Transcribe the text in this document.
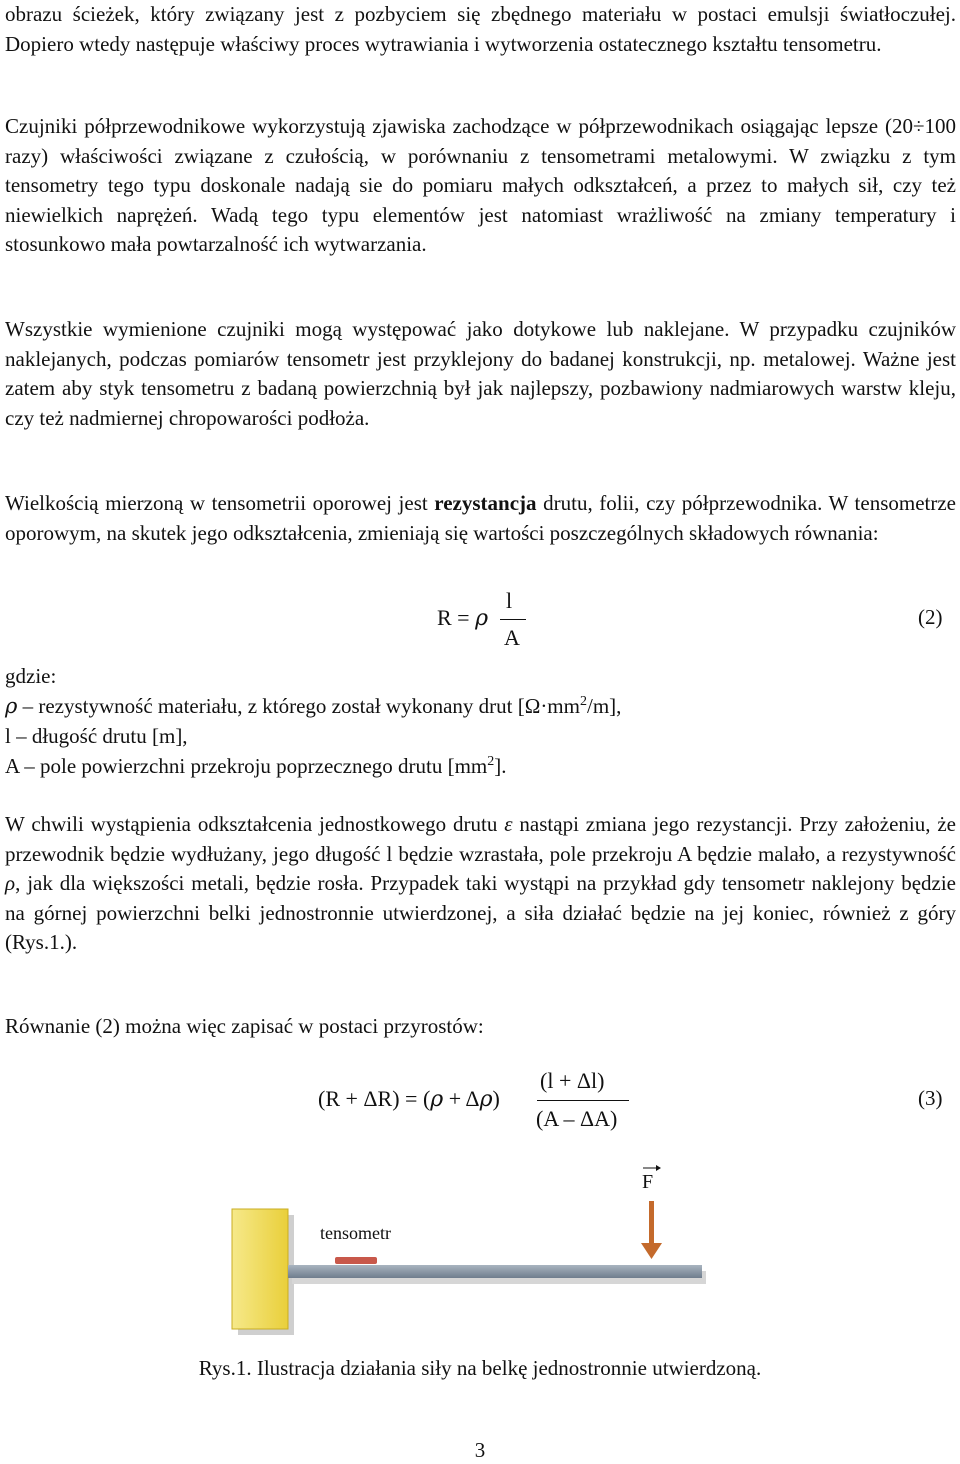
obrazu ścieżek, który związany jest z pozbyciem się zbędnego materiału w postaci emulsji światłoczułej. Dopiero wtedy następuje właściwy proces wytrawiania i wytworzenia ostatecznego kształtu tensometru.

Czujniki półprzewodnikowe wykorzystują zjawiska zachodzące w półprzewodnikach osiągając lepsze (20÷100 razy) właściwości związane z czułością, w porównaniu z tensometrami metalowymi. W związku z tym tensometry tego typu doskonale nadają sie do pomiaru małych odkształceń, a przez to małych sił, czy też niewielkich naprężeń. Wadą tego typu elementów jest natomiast wrażliwość na zmiany temperatury i stosunkowo mała powtarzalność ich wytwarzania.

Wszystkie wymienione czujniki mogą występować jako dotykowe lub naklejane. W przypadku czujników naklejanych, podczas pomiarów tensometr jest przyklejony do badanej konstrukcji, np. metalowej. Ważne jest zatem aby styk tensometru z badaną powierzchnią był jak najlepszy, pozbawiony nadmiarowych warstw kleju, czy też nadmiernej chropowarości podłoża.

Wielkością mierzoną w tensometrii oporowej jest rezystancja drutu, folii, czy półprzewodnika. W tensometrze oporowym, na skutek jego odkształcenia, zmieniają się wartości poszczególnych składowych równania:

R = ρ
l
A
(2)

gdzie:

ρ – rezystywność materiału, z którego został wykonany drut $[\Omega\cdot mm^2/m]$,

l – długość drutu [m],

A – pole powierzchni przekroju poprzecznego drutu $[mm^2]$.

W chwili wystąpienia odkształcenia jednostkowego drutu ε nastąpi zmiana jego rezystancji. Przy założeniu, że przewodnik będzie wydłużany, jego długość l będzie wzrastała, pole przekroju A będzie malało, a rezystywność ρ, jak dla większości metali, będzie rosła. Przypadek taki wystąpi na przykład gdy tensometr naklejony będzie na górnej powierzchni belki jednostronnie utwierdzonej, a siła działać będzie na jej koniec, również z góry (Rys.1.).

Równanie (2) można więc zapisać w postaci przyrostów:

(R + ΔR) = (ρ + Δρ)
(l + Δl)
(A – ΔA)
(3)
tensometr
F
Rys.1. Ilustracja działania siły na belkę jednostronnie utwierdzoną.
3
